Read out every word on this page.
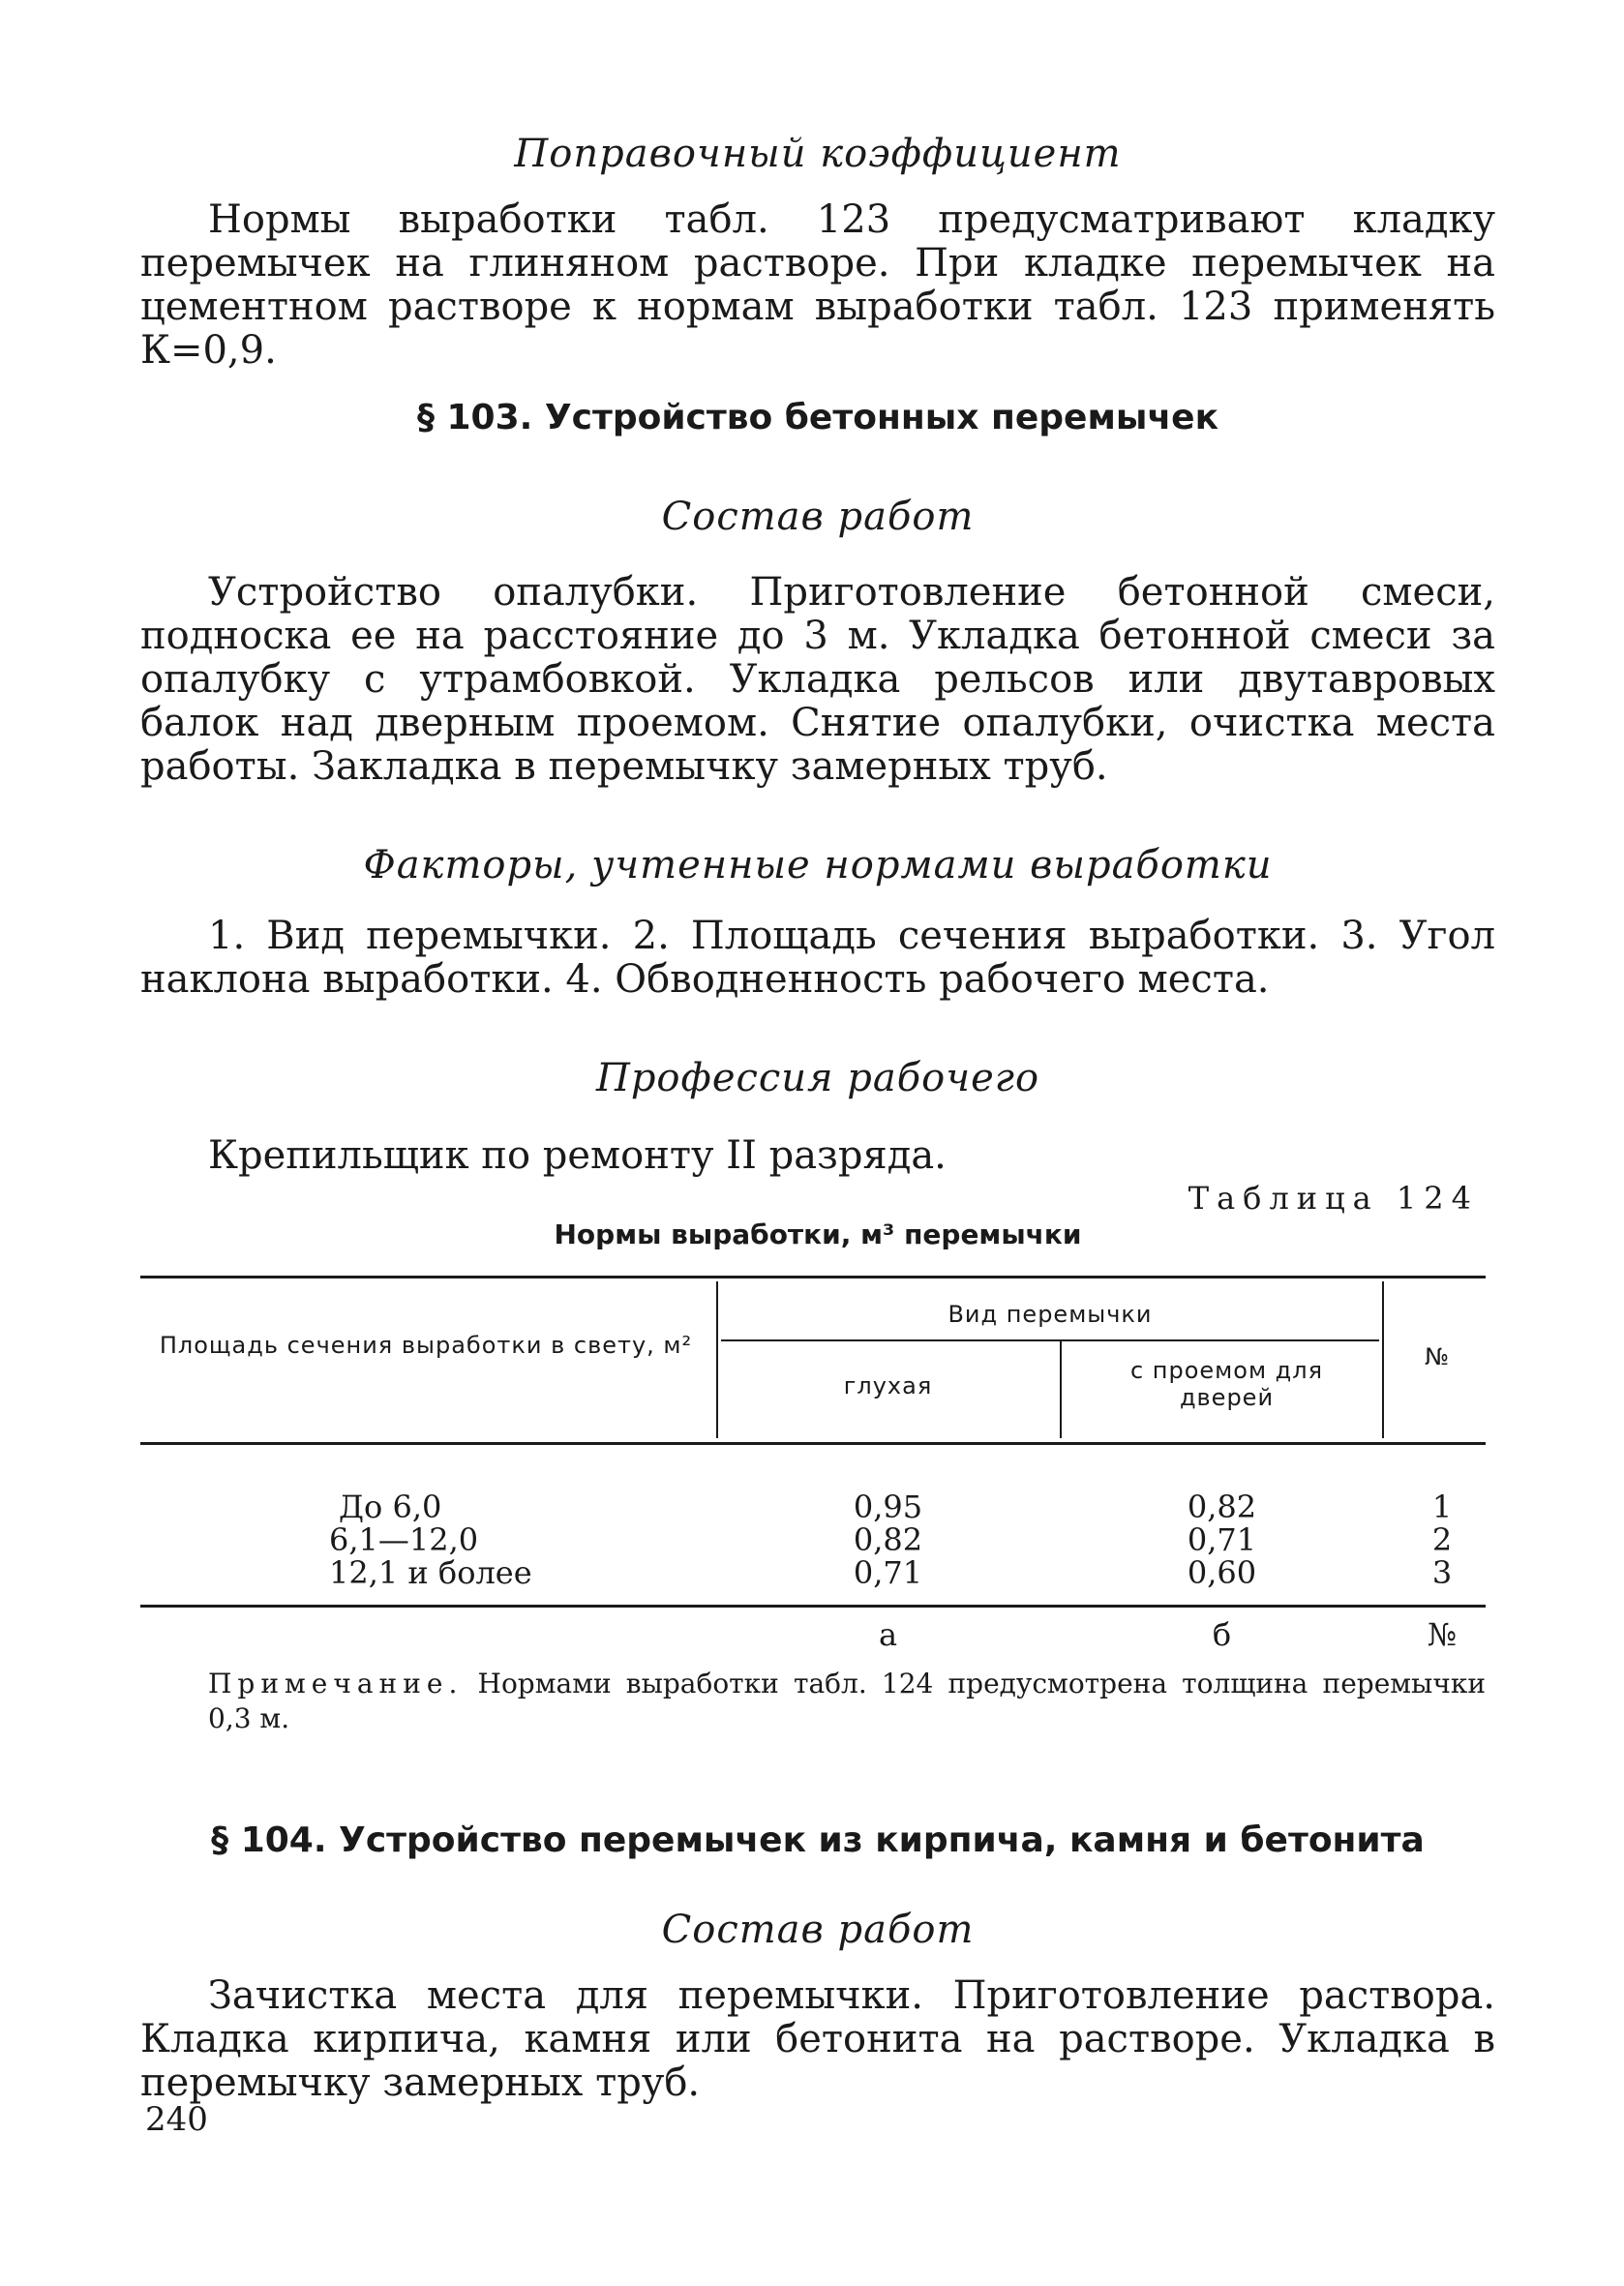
Поправочный коэффициент
Нормы выработки табл. 123 предусматривают кладку перемычек на глиняном растворе. При кладке перемычек на цементном растворе к нормам выработки табл. 123 применять К=0,9.
§ 103. Устройство бетонных перемычек
Состав работ
Устройство опалубки. Приготовление бетонной смеси, подноска ее на расстояние до 3 м. Укладка бетонной смеси за опалубку с утрамбовкой. Укладка рельсов или двутавровых балок над дверным проемом. Снятие опалубки, очистка места работы. Закладка в перемычку замерных труб.
Факторы, учтенные нормами выработки
1. Вид перемычки. 2. Площадь сечения выработки. 3. Угол наклона выработки. 4. Обводненность рабочего места.
Профессия рабочего
Крепильщик по ремонту II разряда.
Таблица 124
Нормы выработки, м³ перемычки
Площадь сечения выработки в свету, м²
Вид перемычки
глухая
с проемом для дверей
№
До 6,0	0,95	0,82	1
6,1—12,0	0,82	0,71	2
12,1 и более	0,71	0,60	3
а	б	№
Примечание. Нормами выработки табл. 124 предусмотрена толщина перемычки 0,3 м.
§ 104. Устройство перемычек из кирпича, камня и бетонита
Состав работ
Зачистка места для перемычки. Приготовление раствора. Кладка кирпича, камня или бетонита на растворе. Укладка в перемычку замерных труб.
240
